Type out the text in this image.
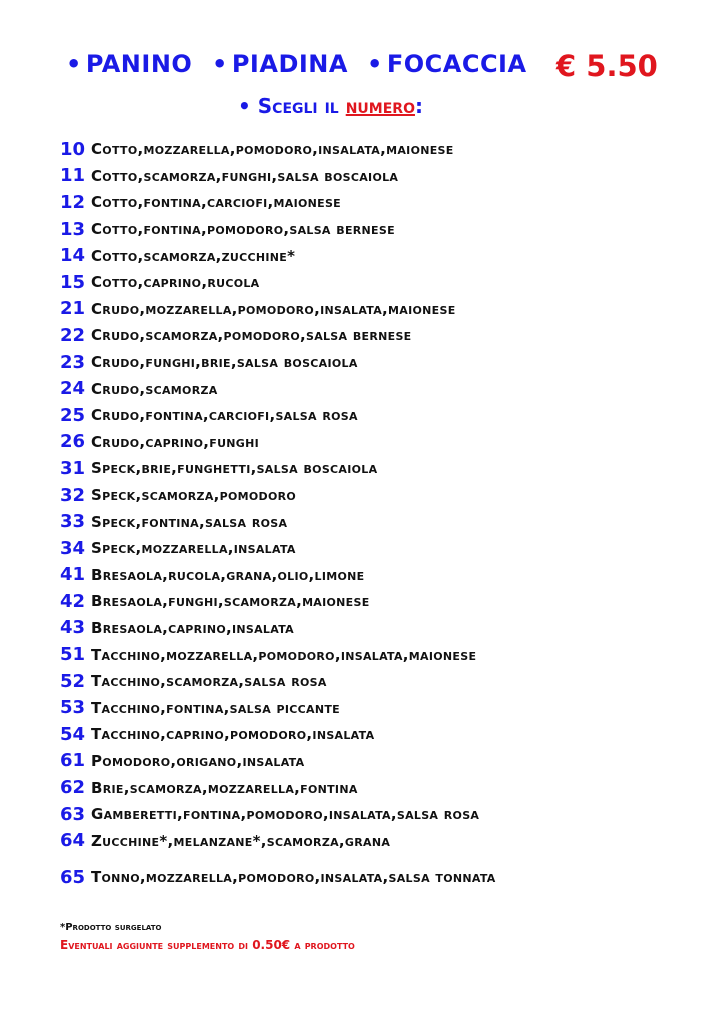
• PANINO • PIADINA • FOCACCIA € 5.50
• Scegli il numero:
10 Cotto,mozzarella,pomodoro,insalata,maionese
11 Cotto,scamorza,funghi,salsa boscaiola
12 Cotto,fontina,carciofi,maionese
13 Cotto,fontina,pomodoro,salsa bernese
14 Cotto,scamorza,zucchine*
15 Cotto,caprino,rucola
21 Crudo,mozzarella,pomodoro,insalata,maionese
22 Crudo,scamorza,pomodoro,salsa bernese
23 Crudo,funghi,brie,salsa boscaiola
24 Crudo,scamorza
25 Crudo,fontina,carciofi,salsa rosa
26 Crudo,caprino,funghi
31 Speck,brie,funghetti,salsa boscaiola
32 Speck,scamorza,pomodoro
33 Speck,fontina,salsa rosa
34 Speck,mozzarella,insalata
41 Bresaola,rucola,grana,olio,limone
42 Bresaola,funghi,scamorza,maionese
43 Bresaola,caprino,insalata
51 Tacchino,mozzarella,pomodoro,insalata,maionese
52 Tacchino,scamorza,salsa rosa
53 Tacchino,fontina,salsa piccante
54 Tacchino,caprino,pomodoro,insalata
61 Pomodoro,origano,insalata
62 Brie,scamorza,mozzarella,fontina
63 Gamberetti,fontina,pomodoro,insalata,salsa rosa
64 Zucchine*,melanzane*,scamorza,grana
65 Tonno,mozzarella,pomodoro,insalata,salsa tonnata
*Prodotto surgelato
Eventuali aggiunte supplemento di 0.50€ a prodotto
